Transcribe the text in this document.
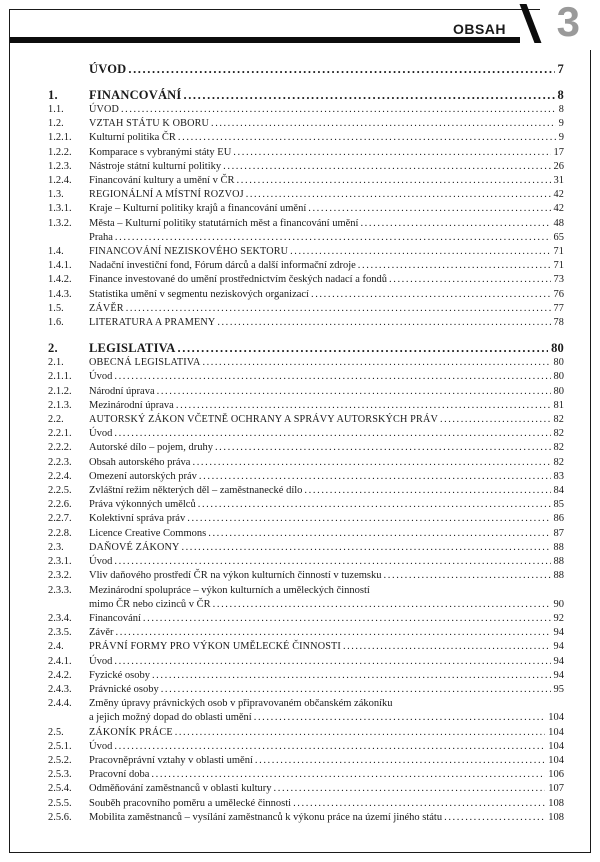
OBSAH 3
ÚVOD .....	7
1.	FINANCOVÁNÍ .....	8
1.1.	ÚVOD .....	8
1.2.	VZTAH STÁTU K OBORU .....	9
1.2.1.	Kulturní politika ČR .....	9
1.2.2.	Komparace s vybranými státy EU .....	17
1.2.3.	Nástroje státní kulturní politiky .....	26
1.2.4.	Financování kultury a umění v ČR .....	31
1.3.	REGIONÁLNÍ A MÍSTNÍ ROZVOJ .....	42
1.3.1.	Kraje – Kulturní politiky krajů a financování umění .....	42
1.3.2.	Města – Kulturní politiky statutárních měst a financování umění .....	48
Praha .....	65
1.4.	FINANCOVÁNÍ NEZISKOVÉHO SEKTORU .....	71
1.4.1.	Nadační investiční fond, Fórum dárců a další informační zdroje .....	71
1.4.2.	Finance investované do umění prostřednictvím českých nadací a fondů .....	73
1.4.3.	Statistika umění v segmentu neziskových organizací .....	76
1.5.	ZÁVĚR .....	77
1.6.	LITERATURA A PRAMENY .....	78
2.	LEGISLATIVA .....	80
2.1.	OBECNÁ LEGISLATIVA .....	80
2.1.1.	Úvod .....	80
2.1.2.	Národní úprava .....	80
2.1.3.	Mezinárodní úprava .....	81
2.2.	AUTORSKÝ ZÁKON VČETNĚ OCHRANY A SPRÁVY AUTORSKÝCH PRÁV .....	82
2.2.1.	Úvod .....	82
2.2.2.	Autorské dílo – pojem, druhy .....	82
2.2.3.	Obsah autorského práva .....	82
2.2.4.	Omezení autorských práv .....	83
2.2.5.	Zvláštní režim některých děl – zaměstnanecké dílo .....	84
2.2.6.	Práva výkonných umělců .....	85
2.2.7.	Kolektivní správa práv .....	86
2.2.8.	Licence Creative Commons .....	87
2.3.	DAŇOVÉ ZÁKONY .....	88
2.3.1.	Úvod .....	88
2.3.2.	Vliv daňového prostředí ČR na výkon kulturních činností v tuzemsku .....	88
2.3.3.	Mezinárodní spolupráce – výkon kulturních a uměleckých činností
mimo ČR nebo cizinců v ČR .....	90
2.3.4.	Financování .....	92
2.3.5.	Závěr .....	94
2.4.	PRÁVNÍ FORMY PRO VÝKON UMĚLECKÉ ČINNOSTI .....	94
2.4.1.	Úvod .....	94
2.4.2.	Fyzické osoby .....	94
2.4.3.	Právnické osoby .....	95
2.4.4.	Změny úpravy právnických osob v připravovaném občanském zákoníku
a jejich možný dopad do oblasti umění .....	104
2.5.	ZÁKONÍK PRÁCE .....	104
2.5.1.	Úvod .....	104
2.5.2.	Pracovněprávní vztahy v oblasti umění .....	104
2.5.3.	Pracovní doba .....	106
2.5.4.	Odměňování zaměstnanců v oblasti kultury .....	107
2.5.5.	Souběh pracovního poměru a umělecké činnosti .....	108
2.5.6.	Mobilita zaměstnanců – vysílání zaměstnanců k výkonu práce na území jiného státu .....	108
